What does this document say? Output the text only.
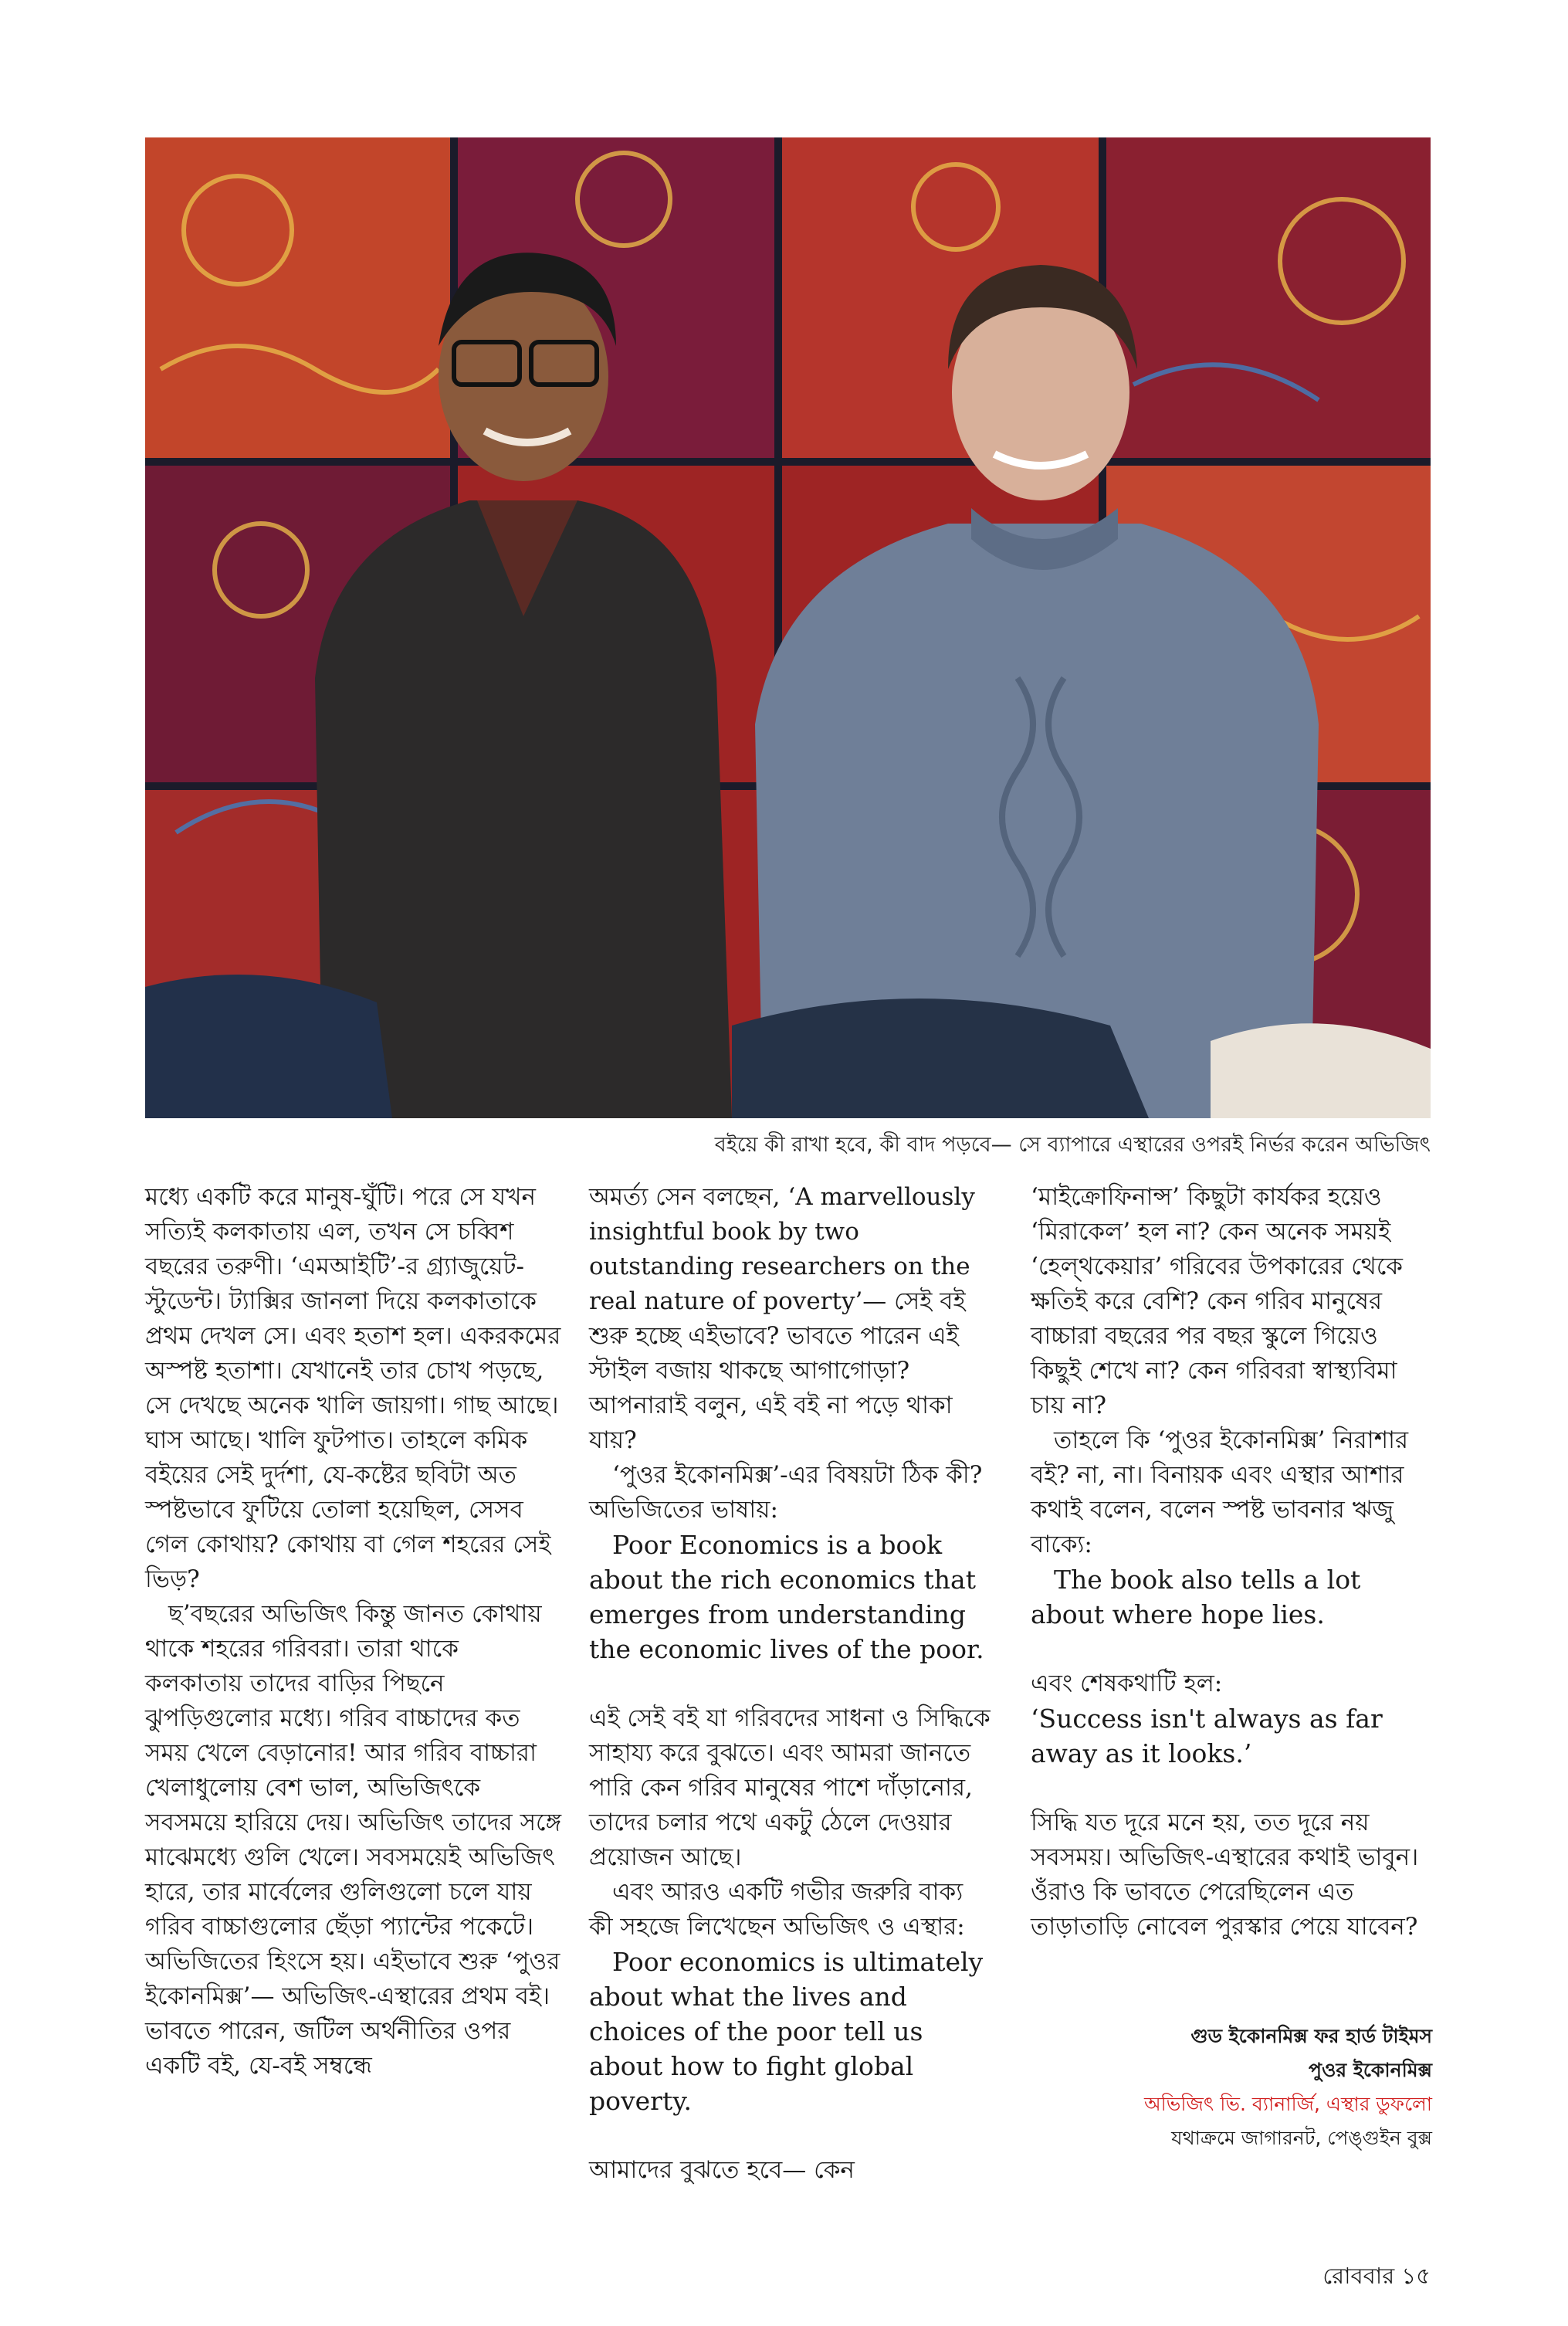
বইয়ে কী রাখা হবে, কী বাদ পড়বে— সে ব্যাপারে এস্থারের ওপরই নির্ভর করেন অভিজিৎ

মধ্যে একটি করে মানুষ-ঘুঁটি। পরে সে যখন সত্যিই কলকাতায় এল, তখন সে চব্বিশ বছরের তরুণী। ‘এমআইটি’-র গ্র্যাজুয়েট-স্টুডেন্ট। ট্যাক্সির জানলা দিয়ে কলকাতাকে প্রথম দেখল সে। এবং হতাশ হল। একরকমের অস্পষ্ট হতাশা। যেখানেই তার চোখ পড়ছে, সে দেখছে অনেক খালি জায়গা। গাছ আছে। ঘাস আছে। খালি ফুটপাত। তাহলে কমিক বইয়ের সেই দুর্দশা, যে-কষ্টের ছবিটা অত স্পষ্টভাবে ফুটিয়ে তোলা হয়েছিল, সেসব গেল কোথায়? কোথায় বা গেল শহরের সেই ভিড়?

ছ’বছরের অভিজিৎ কিন্তু জানত কোথায় থাকে শহরের গরিবরা। তারা থাকে কলকাতায় তাদের বাড়ির পিছনে ঝুপড়িগুলোর মধ্যে। গরিব বাচ্চাদের কত সময় খেলে বেড়ানোর! আর গরিব বাচ্চারা খেলাধুলোয় বেশ ভাল, অভিজিৎকে সবসময়ে হারিয়ে দেয়। অভিজিৎ তাদের সঙ্গে মাঝেমধ্যে গুলি খেলে। সবসময়েই অভিজিৎ হারে, তার মার্বেলের গুলিগুলো চলে যায় গরিব বাচ্চাগুলোর ছেঁড়া প্যান্টের পকেটে। অভিজিতের হিংসে হয়। এইভাবে শুরু ‘পুওর ইকোনমিক্স’— অভিজিৎ-এস্থারের প্রথম বই। ভাবতে পারেন, জটিল অর্থনীতির ওপর একটি বই, যে-বই সম্বন্ধে

অমর্ত্য সেন বলছেন, ‘A marvellously insightful book by two outstanding researchers on the real nature of poverty’— সেই বই শুরু হচ্ছে এইভাবে? ভাবতে পারেন এই স্টাইল বজায় থাকছে আগাগোড়া? আপনারাই বলুন, এই বই না পড়ে থাকা যায়?

‘পুওর ইকোনমিক্স’-এর বিষয়টা ঠিক কী? অভিজিতের ভাষায়:

Poor Economics is a book about the rich economics that emerges from understanding the economic lives of the poor.

এই সেই বই যা গরিবদের সাধনা ও সিদ্ধিকে সাহায্য করে বুঝতে। এবং আমরা জানতে পারি কেন গরিব মানুষের পাশে দাঁড়ানোর, তাদের চলার পথে একটু ঠেলে দেওয়ার প্রয়োজন আছে।

এবং আরও একটি গভীর জরুরি বাক্য কী সহজে লিখেছেন অভিজিৎ ও এস্থার:

Poor economics is ultimately about what the lives and choices of the poor tell us about how to fight global poverty.

আমাদের বুঝতে হবে— কেন

‘মাইক্রোফিনান্স’ কিছুটা কার্যকর হয়েও ‘মিরাকেল’ হল না? কেন অনেক সময়ই ‘হেল্থকেয়ার’ গরিবের উপকারের থেকে ক্ষতিই করে বেশি? কেন গরিব মানুষের বাচ্চারা বছরের পর বছর স্কুলে গিয়েও কিছুই শেখে না? কেন গরিবরা স্বাস্থ্যবিমা চায় না?

তাহলে কি ‘পুওর ইকোনমিক্স’ নিরাশার বই? না, না। বিনায়ক এবং এস্থার আশার কথাই বলেন, বলেন স্পষ্ট ভাবনার ঋজু বাক্যে:

The book also tells a lot about where hope lies.

এবং শেষকথাটি হল:

‘Success isn't always as far away as it looks.’

সিদ্ধি যত দূরে মনে হয়, তত দূরে নয় সবসময়। অভিজিৎ-এস্থারের কথাই ভাবুন। ওঁরাও কি ভাবতে পেরেছিলেন এত তাড়াতাড়ি নোবেল পুরস্কার পেয়ে যাবেন?

গুড ইকোনমিক্স ফর হার্ড টাইমস
পুওর ইকোনমিক্স
অভিজিৎ ভি. ব্যানার্জি, এস্থার ডুফলো
যথাক্রমে জাগারনট, পেঙ্গুইন বুক্স
রোববার ১৫
